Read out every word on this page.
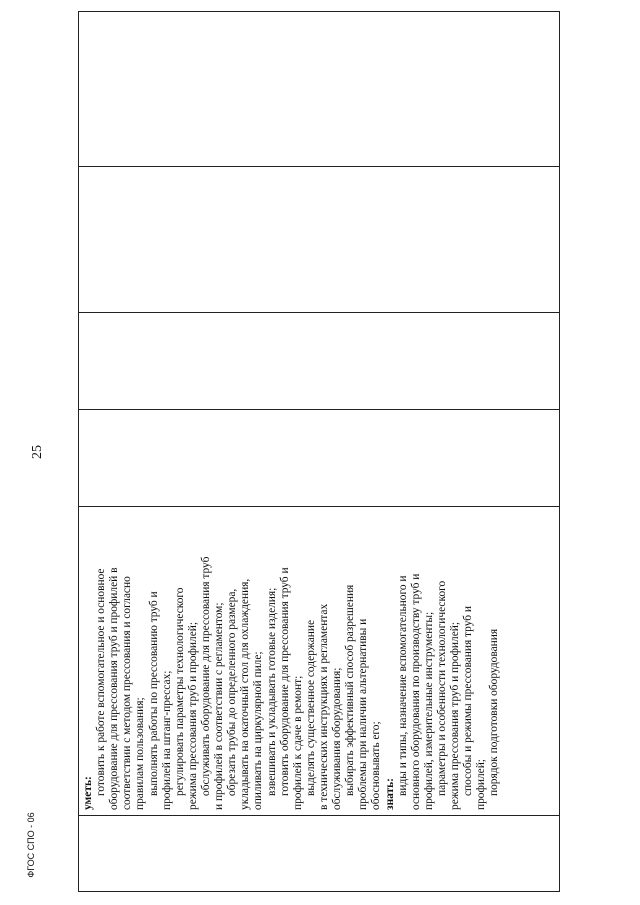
25

уметь: готовить к работе вспомогательное и основное оборудование для прессования труб и профилей в соответствии с методом прессования и согласно правилам пользования; выполнять работы по прессованию труб и профилей на штанг-прессах; регулировать параметры технологического режима прессования труб и профилей; обслуживать оборудование для прессования труб и профилей в соответствии с регламентом; обрезать трубы до определенного размера, укладывать на окаточный стол для охлаждения, опиливать на циркулярной пиле; взвешивать и укладывать готовые изделия; готовить оборудование для прессования труб и профилей к сдаче в ремонт; выделять существенное содержание в технических инструкциях и регламентах обслуживания оборудования; выбирать эффективный способ разрешения проблемы при наличии альтернативы и обосновывать его; знать: виды и типы, назначение вспомогательного и основного оборудования по производству труб и профилей, измерительные инструменты; параметры и особенности технологического режима прессования труб и профилей; способы и режимы прессования труб и профилей; порядок подготовки оборудования

ФГОС СПО - 06
